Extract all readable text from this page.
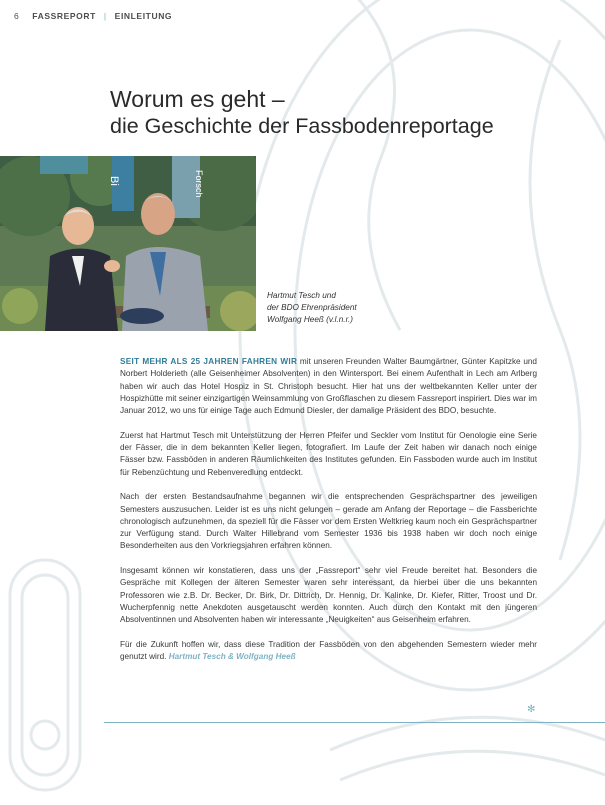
6 FASSREPORT | EINLEITUNG
Worum es geht –
die Geschichte der Fassbodenreportage
Bi	Forsch
Hartmut Tesch und
der BDO Ehrenpräsident
Wolfgang Heeß (v.l.n.r.)

SEIT MEHR ALS 25 JAHREN FAHREN WIR mit unseren Freunden Walter Baumgärtner, Günter Kapitzke und Norbert Holderieth (alle Geisenheimer Absolventen) in den Wintersport. Bei einem Aufenthalt in Lech am Arlberg haben wir auch das Hotel Hospiz in St. Christoph besucht. Hier hat uns der weltbekannten Keller unter der Hospizhütte mit seiner einzigartigen Weinsammlung von Großflaschen zu diesem Fassreport inspiriert. Dies war im Januar 2012, wo uns für einige Tage auch Edmund Diesler, der damalige Präsident des BDO, besuchte.

Zuerst hat Hartmut Tesch mit Unterstützung der Herren Pfeifer und Seckler vom Institut für Oenologie eine Serie der Fässer, die in dem bekannten Keller liegen, fotografiert. Im Laufe der Zeit haben wir danach noch einige Fässer bzw. Fassböden in anderen Räumlichkeiten des Institutes gefunden. Ein Fassboden wurde auch im Institut für Rebenzüchtung und Rebenveredlung entdeckt.

Nach der ersten Bestandsaufnahme begannen wir die entsprechenden Gesprächspartner des jeweiligen Semesters auszusuchen. Leider ist es uns nicht gelungen – gerade am Anfang der Reportage – die Fassberichte chronologisch aufzunehmen, da speziell für die Fässer vor dem Ersten Weltkrieg kaum noch ein Gesprächspartner zur Verfügung stand. Durch Walter Hillebrand vom Semester 1936 bis 1938 haben wir doch noch einige Besonderheiten aus den Vorkriegsjahren erfahren können.

Insgesamt können wir konstatieren, dass uns der „Fassreport“ sehr viel Freude bereitet hat. Besonders die Gespräche mit Kollegen der älteren Semester waren sehr interessant, da hierbei über die uns bekannten Professoren wie z.B. Dr. Becker, Dr. Birk, Dr. Dittrich, Dr. Hennig, Dr. Kalinke, Dr. Kiefer, Ritter, Troost und Dr. Wucherpfennig nette Anekdoten ausgetauscht werden konnten. Auch durch den Kontakt mit den jüngeren Absolventinnen und Absolventen haben wir interessante „Neuigkeiten“ aus Geisenheim erfahren.

Für die Zukunft hoffen wir, dass diese Tradition der Fassböden von den abgehenden Semestern wieder mehr genutzt wird. Hartmut Tesch & Wolfgang Heeß

✻
